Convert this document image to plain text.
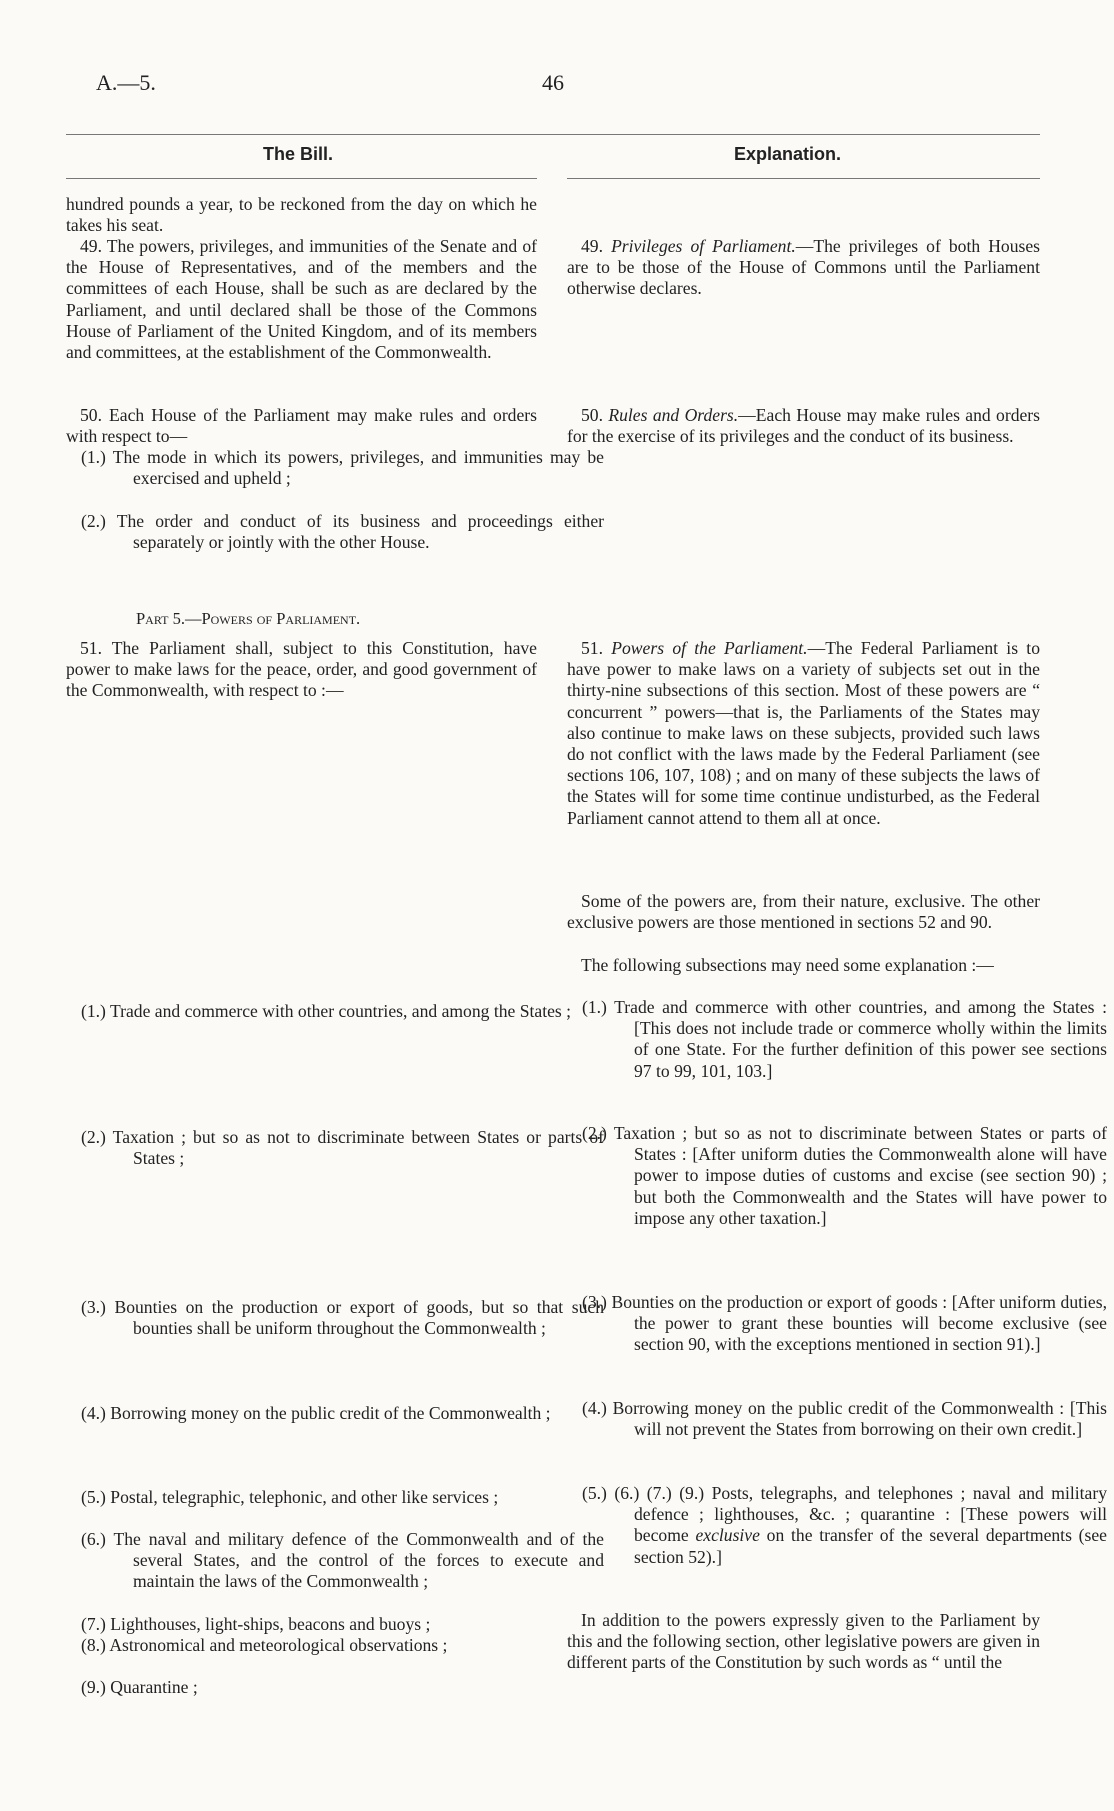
A.—5.	46
The Bill.	Explanation.

hundred pounds a year, to be reckoned from the day on which he takes his seat.

49. The powers, privileges, and immunities of the Senate and of the House of Representatives, and of the members and the committees of each House, shall be such as are declared by the Parliament, and until declared shall be those of the Commons House of Parliament of the United Kingdom, and of its members and committees, at the establishment of the Commonwealth.

50. Each House of the Parliament may make rules and orders with respect to—

(1.) The mode in which its powers, privileges, and immunities may be exercised and upheld ;

(2.) The order and conduct of its business and proceedings either separately or jointly with the other House.

Part 5.—Powers of Parliament.

51. The Parliament shall, subject to this Constitution, have power to make laws for the peace, order, and good government of the Commonwealth, with respect to :—

(1.) Trade and commerce with other countries, and among the States ;

(2.) Taxation ; but so as not to discriminate between States or parts of States ;

(3.) Bounties on the production or export of goods, but so that such bounties shall be uniform throughout the Commonwealth ;

(4.) Borrowing money on the public credit of the Commonwealth ;

(5.) Postal, telegraphic, telephonic, and other like services ;

(6.) The naval and military defence of the Commonwealth and of the several States, and the control of the forces to execute and maintain the laws of the Commonwealth ;

(7.) Lighthouses, light-ships, beacons and buoys ;

(8.) Astronomical and meteorological observations ;

(9.) Quarantine ;

49. Privileges of Parliament.—The privileges of both Houses are to be those of the House of Commons until the Parliament otherwise declares.

50. Rules and Orders.—Each House may make rules and orders for the exercise of its privileges and the conduct of its business.

51. Powers of the Parliament.—The Federal Parliament is to have power to make laws on a variety of subjects set out in the thirty-nine subsections of this section. Most of these powers are “ concurrent ” powers—that is, the Parliaments of the States may also continue to make laws on these subjects, provided such laws do not conflict with the laws made by the Federal Parliament (see sections 106, 107, 108) ; and on many of these subjects the laws of the States will for some time continue undisturbed, as the Federal Parliament cannot attend to them all at once.

Some of the powers are, from their nature, exclusive. The other exclusive powers are those mentioned in sections 52 and 90.

The following subsections may need some explanation :—

(1.) Trade and commerce with other countries, and among the States : [This does not include trade or commerce wholly within the limits of one State. For the further definition of this power see sections 97 to 99, 101, 103.]

(2.) Taxation ; but so as not to discriminate between States or parts of States : [After uniform duties the Commonwealth alone will have power to impose duties of customs and excise (see section 90) ; but both the Commonwealth and the States will have power to impose any other taxation.]

(3.) Bounties on the production or export of goods : [After uniform duties, the power to grant these bounties will become exclusive (see section 90, with the exceptions mentioned in section 91).]

(4.) Borrowing money on the public credit of the Commonwealth : [This will not prevent the States from borrowing on their own credit.]

(5.) (6.) (7.) (9.) Posts, telegraphs, and telephones ; naval and military defence ; lighthouses, &c. ; quarantine : [These powers will become exclusive on the transfer of the several departments (see section 52).]

In addition to the powers expressly given to the Parliament by this and the following section, other legislative powers are given in different parts of the Constitution by such words as “ until the
